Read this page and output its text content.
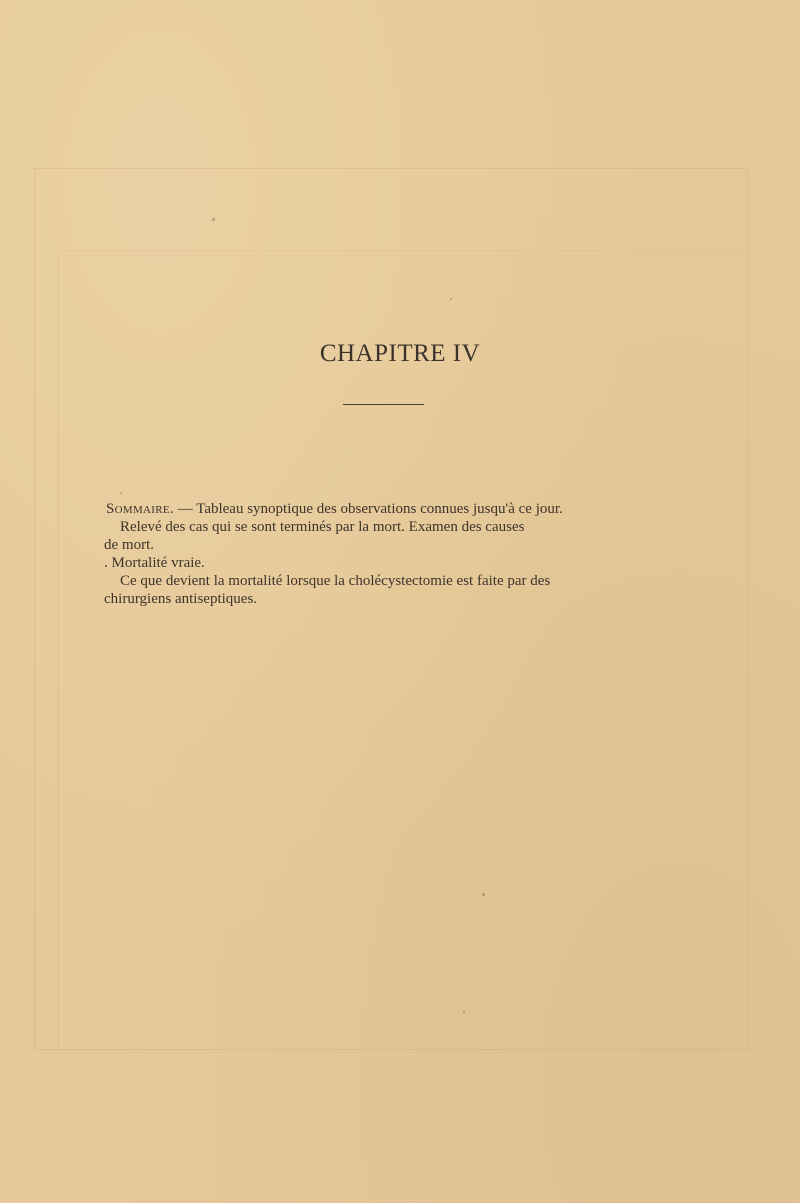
CHAPITRE IV

Sommaire. — Tableau synoptique des observations connues jusqu'à ce jour.

Relevé des cas qui se sont terminés par la mort. Examen des causes

de mort.

. Mortalité vraie.

Ce que devient la mortalité lorsque la cholécystectomie est faite par des

chirurgiens antiseptiques.
